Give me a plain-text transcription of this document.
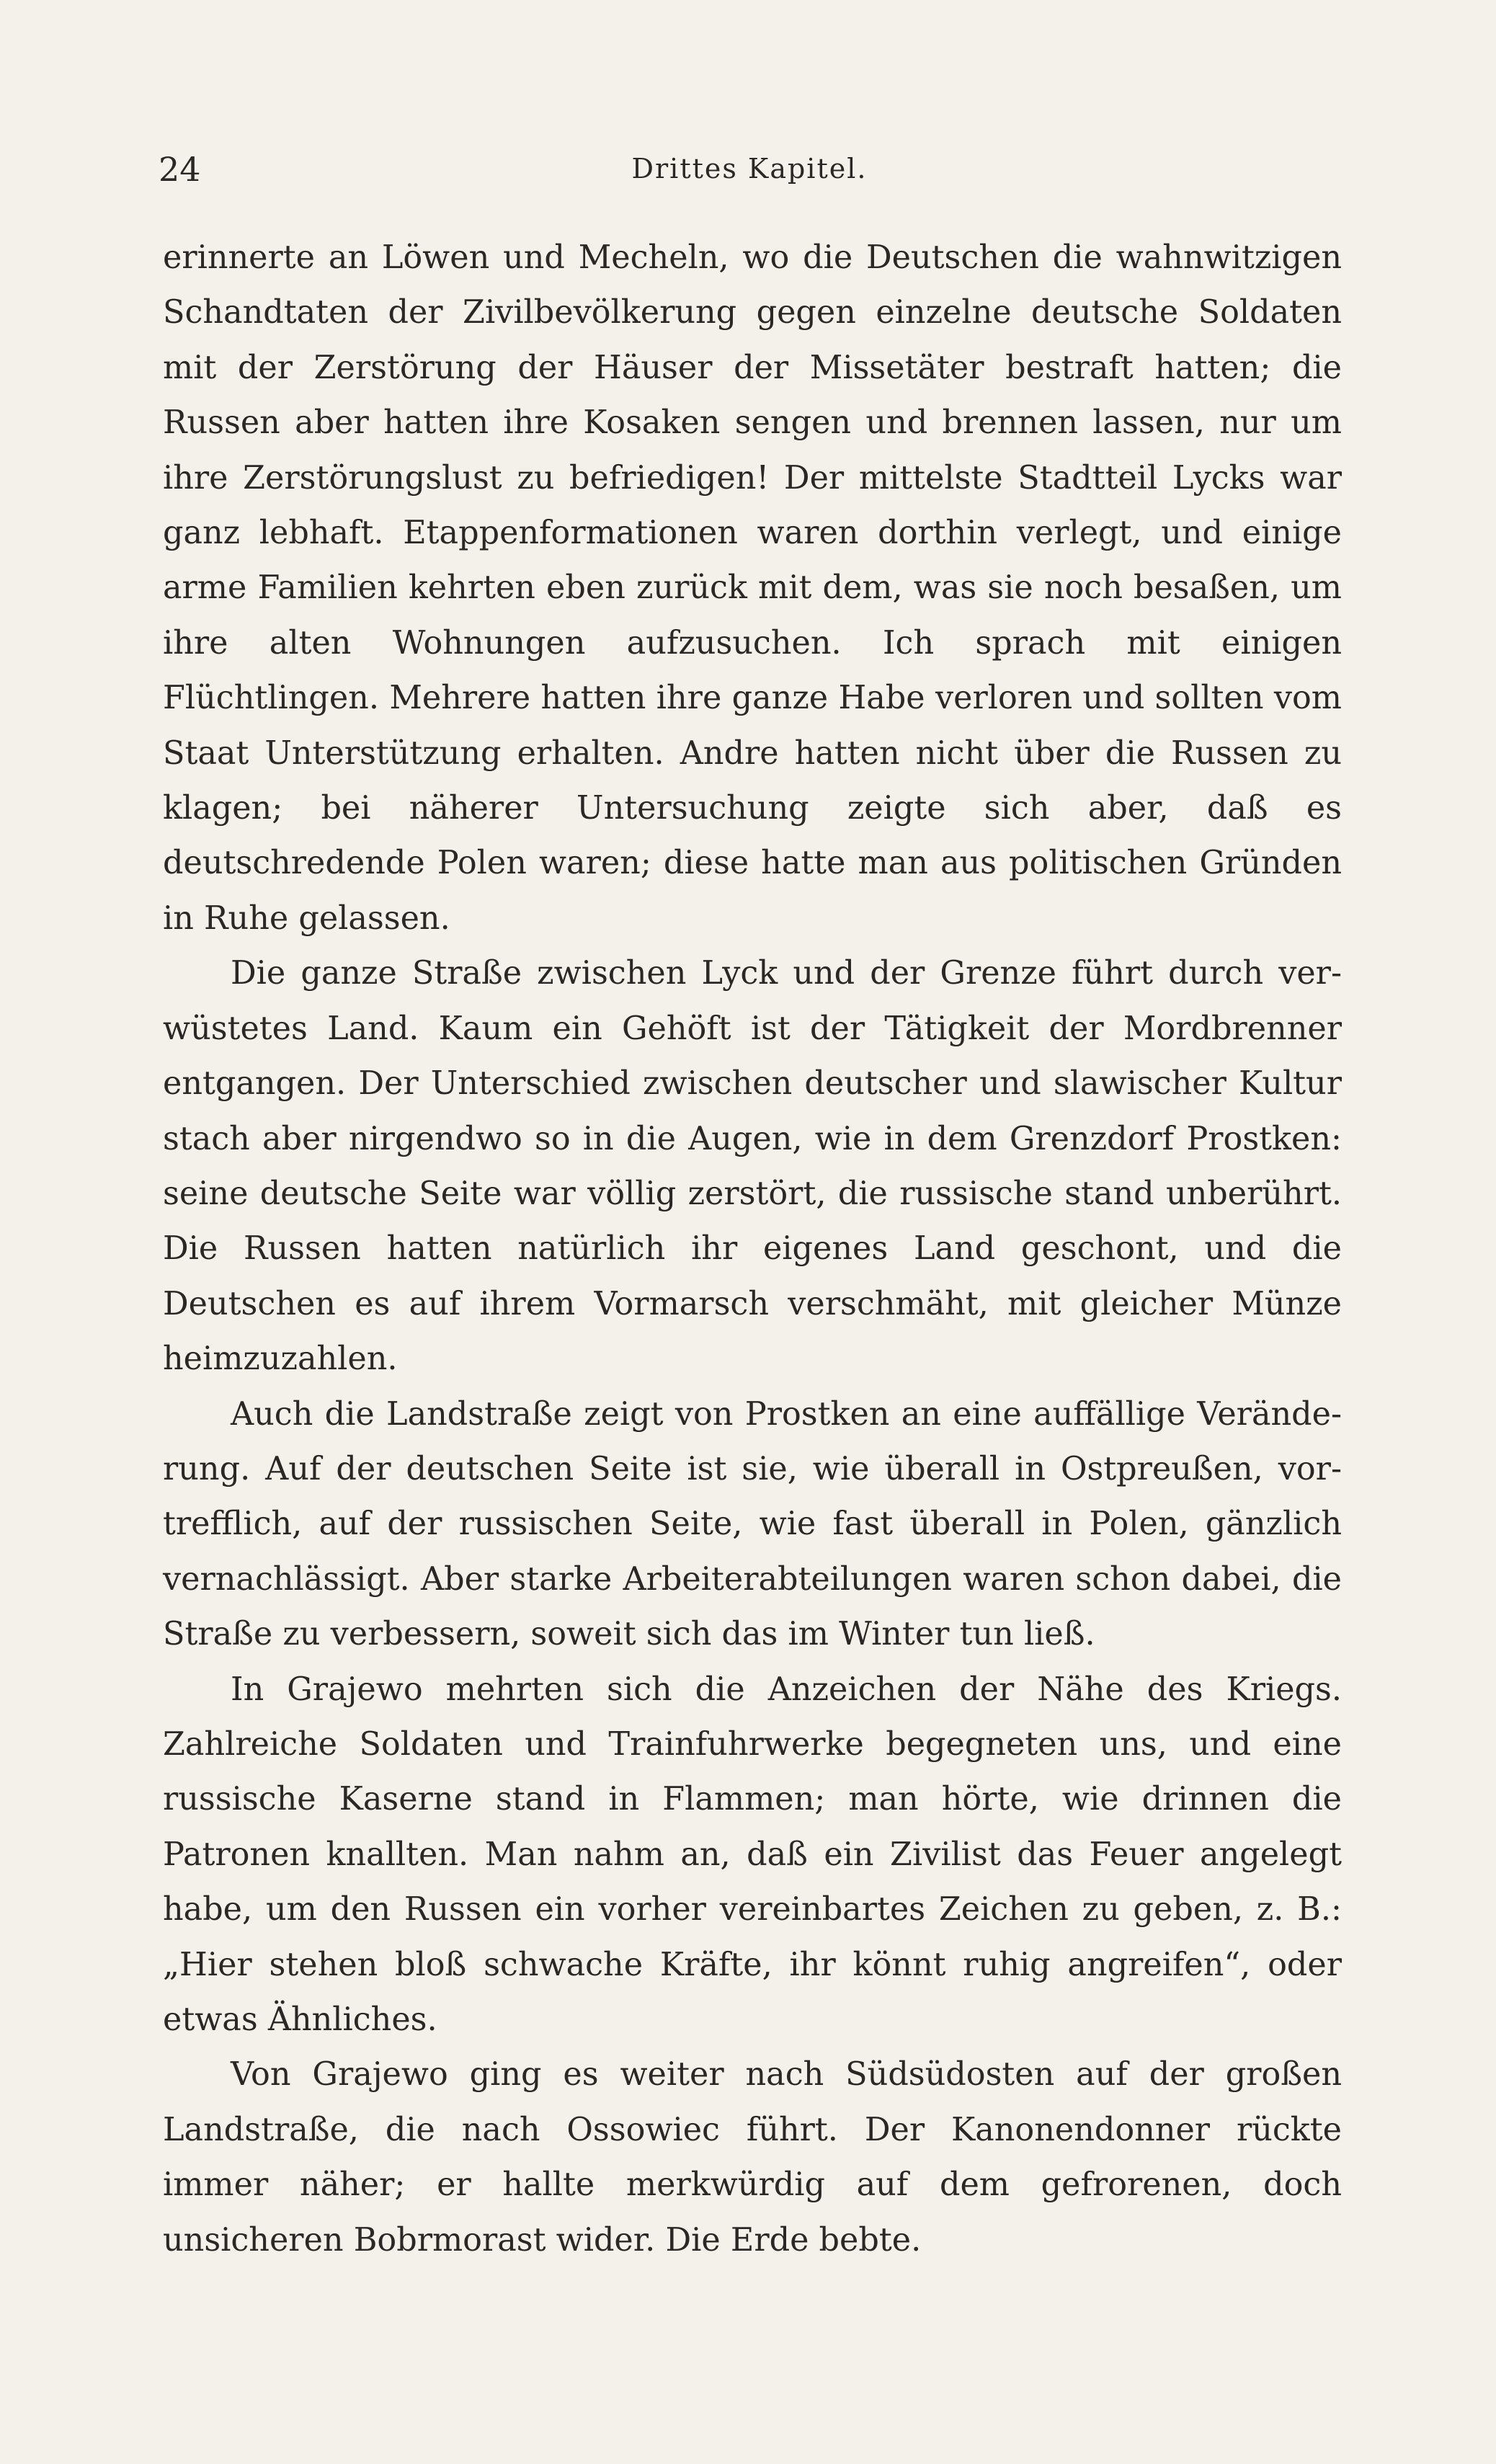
24	Drittes Kapitel.

erinnerte an Löwen und Mecheln, wo die Deutschen die wahnwitzigen Schandtaten der Zivilbevölkerung gegen einzelne deutsche Soldaten mit der Zerstörung der Häuser der Missetäter bestraft hatten; die Russen aber hatten ihre Kosaken sengen und brennen lassen, nur um ihre Zerstörungslust zu befriedigen! Der mittelste Stadtteil Lycks war ganz lebhaft. Etappenformationen waren dorthin verlegt, und einige arme Familien kehrten eben zurück mit dem, was sie noch besaßen, um ihre alten Wohnungen aufzusuchen. Ich sprach mit einigen Flüchtlingen. Mehrere hatten ihre ganze Habe verloren und sollten vom Staat Unterstützung erhalten. Andre hatten nicht über die Russen zu klagen; bei näherer Untersuchung zeigte sich aber, daß es deutschredende Polen waren; diese hatte man aus politischen Gründen in Ruhe gelassen.

Die ganze Straße zwischen Lyck und der Grenze führt durch verwüstetes Land. Kaum ein Gehöft ist der Tätigkeit der Mordbrenner entgangen. Der Unterschied zwischen deutscher und slawischer Kultur stach aber nirgendwo so in die Augen, wie in dem Grenzdorf Prostken: seine deutsche Seite war völlig zerstört, die russische stand unberührt. Die Russen hatten natürlich ihr eigenes Land geschont, und die Deutschen es auf ihrem Vormarsch verschmäht, mit gleicher Münze heimzuzahlen.

Auch die Landstraße zeigt von Prostken an eine auffällige Veränderung. Auf der deutschen Seite ist sie, wie überall in Ostpreußen, vortrefflich, auf der russischen Seite, wie fast überall in Polen, gänzlich vernachlässigt. Aber starke Arbeiterabteilungen waren schon dabei, die Straße zu verbessern, soweit sich das im Winter tun ließ.

In Grajewo mehrten sich die Anzeichen der Nähe des Kriegs. Zahlreiche Soldaten und Trainfuhrwerke begegneten uns, und eine russische Kaserne stand in Flammen; man hörte, wie drinnen die Patronen knallten. Man nahm an, daß ein Zivilist das Feuer angelegt habe, um den Russen ein vorher vereinbartes Zeichen zu geben, z. B.: „Hier stehen bloß schwache Kräfte, ihr könnt ruhig angreifen“, oder etwas Ähnliches.

Von Grajewo ging es weiter nach Südsüdosten auf der großen Landstraße, die nach Ossowiec führt. Der Kanonendonner rückte immer näher; er hallte merkwürdig auf dem gefrorenen, doch unsicheren Bobrmorast wider. Die Erde bebte.
